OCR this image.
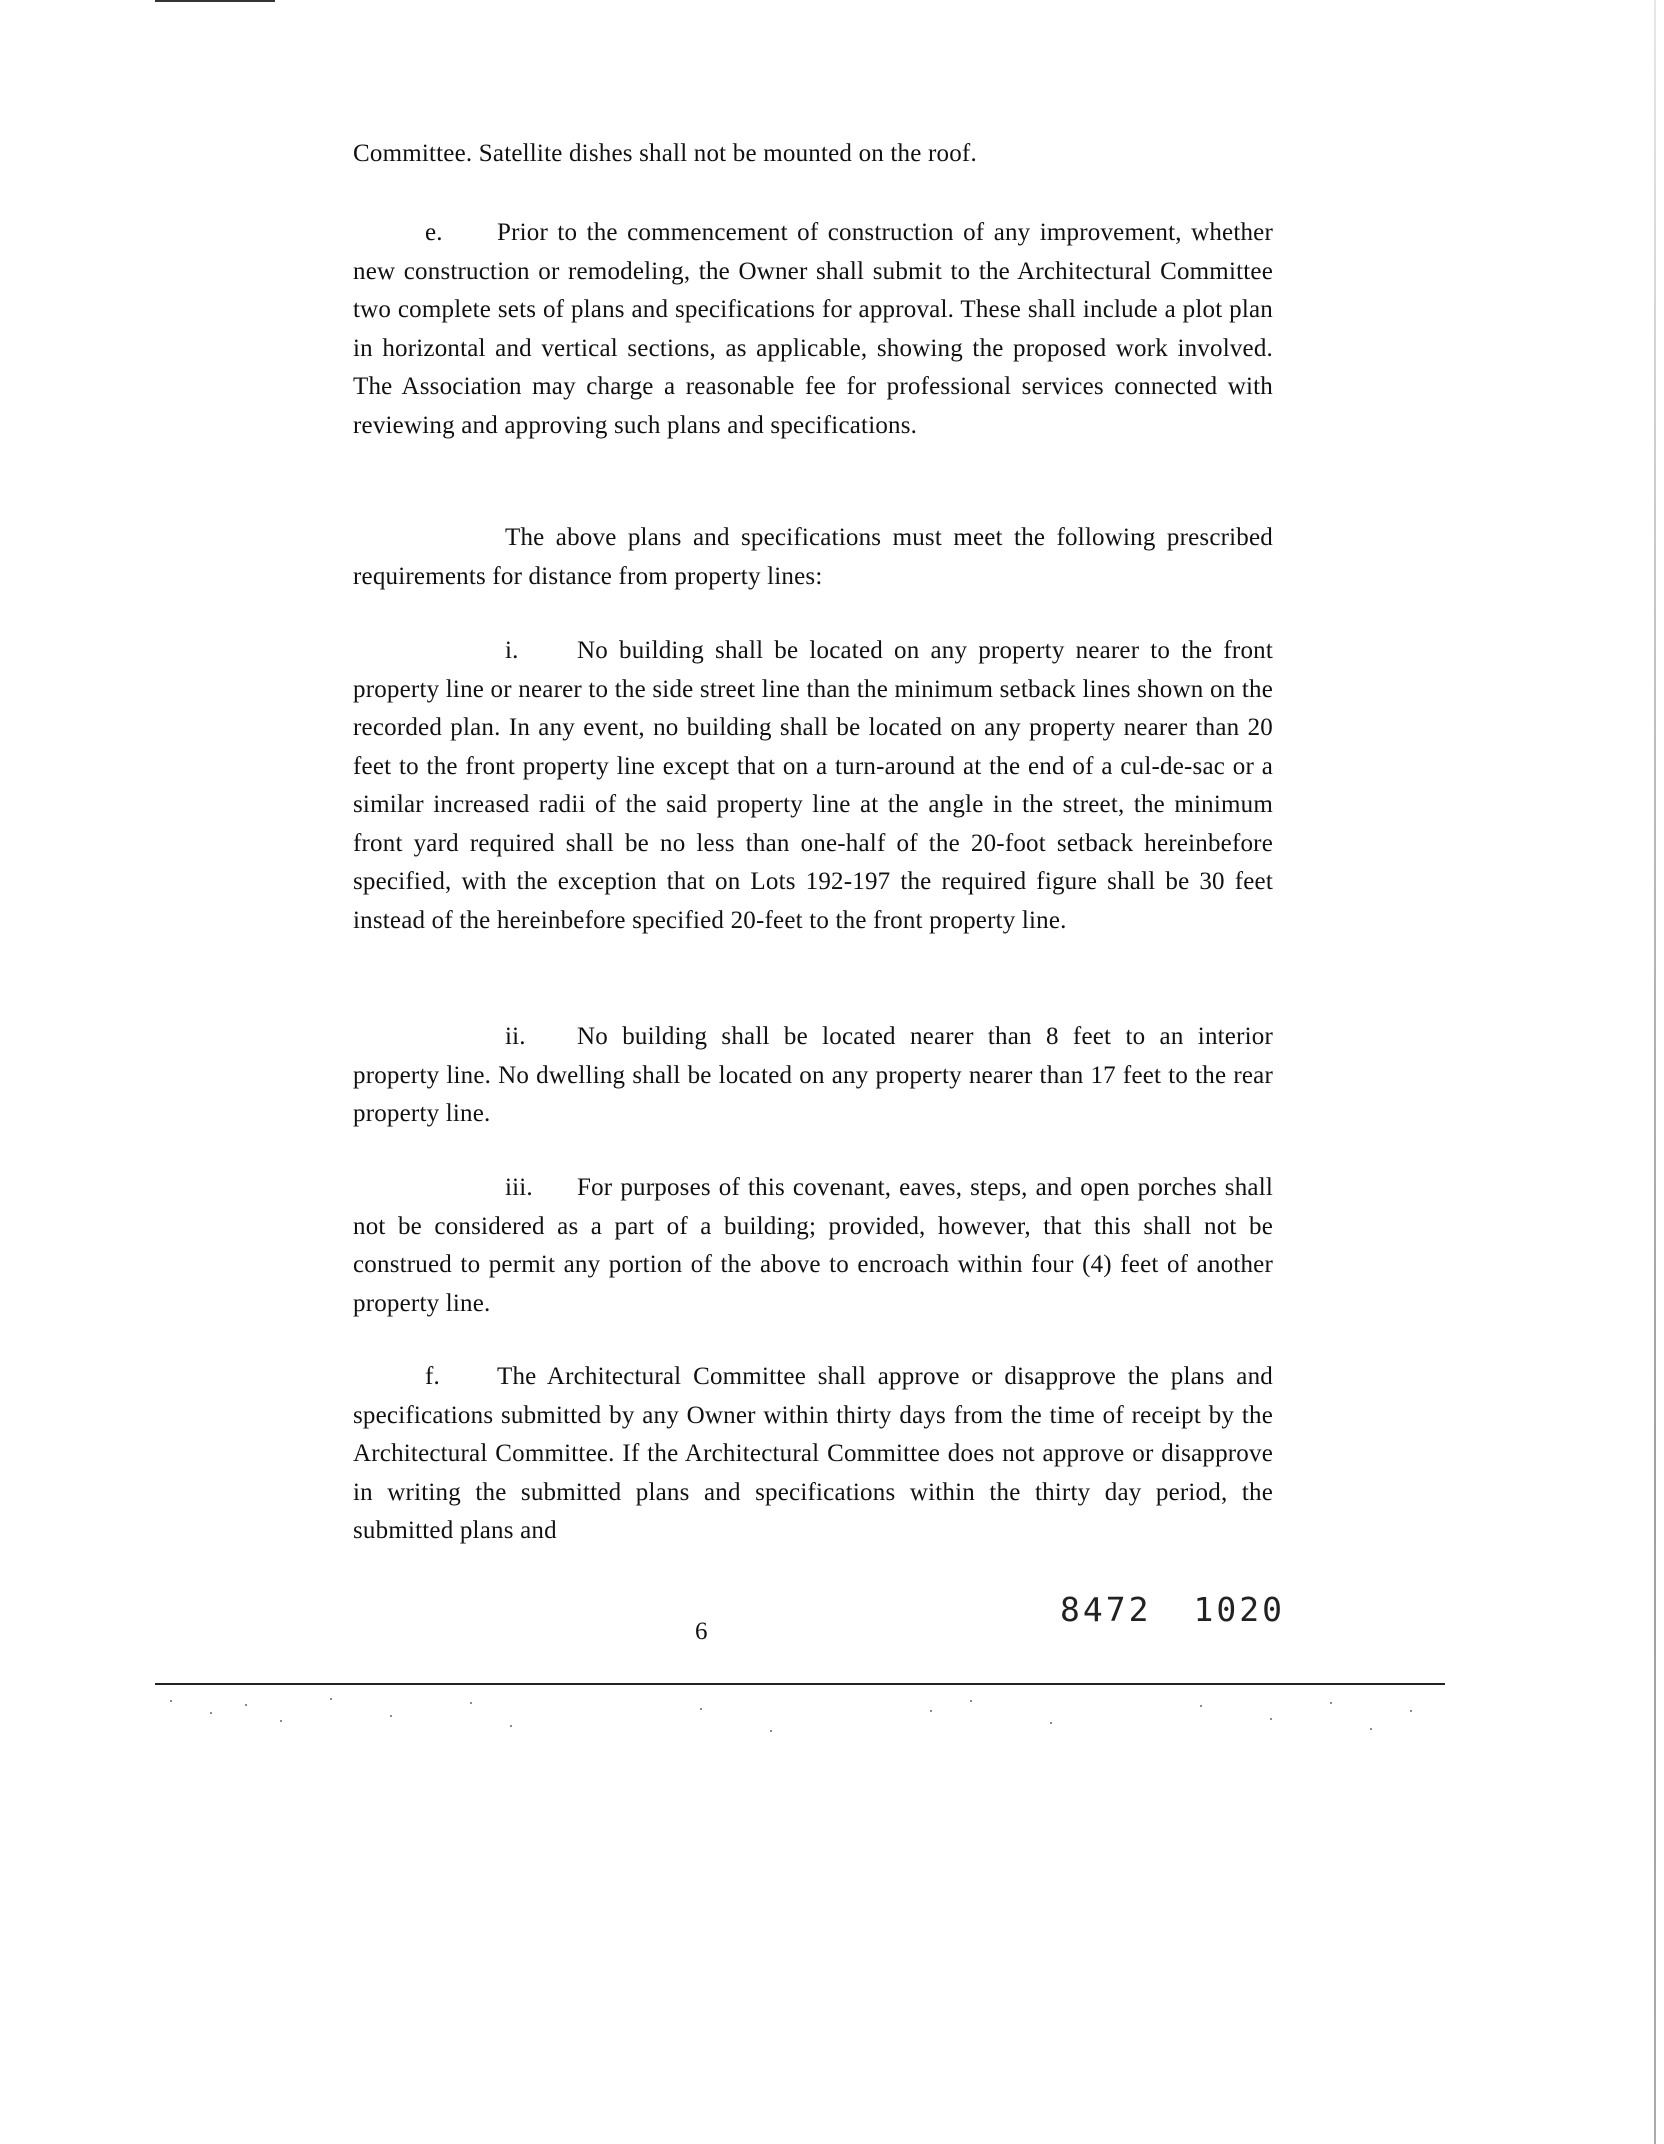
Committee. Satellite dishes shall not be mounted on the roof.
e. Prior to the commencement of construction of any improvement, whether new construction or remodeling, the Owner shall submit to the Architectural Committee two complete sets of plans and specifications for approval. These shall include a plot plan in horizontal and vertical sections, as applicable, showing the proposed work involved. The Association may charge a reasonable fee for professional services connected with reviewing and approving such plans and specifications.
The above plans and specifications must meet the following prescribed requirements for distance from property lines:
i. No building shall be located on any property nearer to the front property line or nearer to the side street line than the minimum setback lines shown on the recorded plan. In any event, no building shall be located on any property nearer than 20 feet to the front property line except that on a turn-around at the end of a cul-de-sac or a similar increased radii of the said property line at the angle in the street, the minimum front yard required shall be no less than one-half of the 20-foot setback hereinbefore specified, with the exception that on Lots 192-197 the required figure shall be 30 feet instead of the hereinbefore specified 20-feet to the front property line.
ii. No building shall be located nearer than 8 feet to an interior property line. No dwelling shall be located on any property nearer than 17 feet to the rear property line.
iii. For purposes of this covenant, eaves, steps, and open porches shall not be considered as a part of a building; provided, however, that this shall not be construed to permit any portion of the above to encroach within four (4) feet of another property line.
f. The Architectural Committee shall approve or disapprove the plans and specifications submitted by any Owner within thirty days from the time of receipt by the Architectural Committee. If the Architectural Committee does not approve or disapprove in writing the submitted plans and specifications within the thirty day period, the submitted plans and
6
8472 1020
